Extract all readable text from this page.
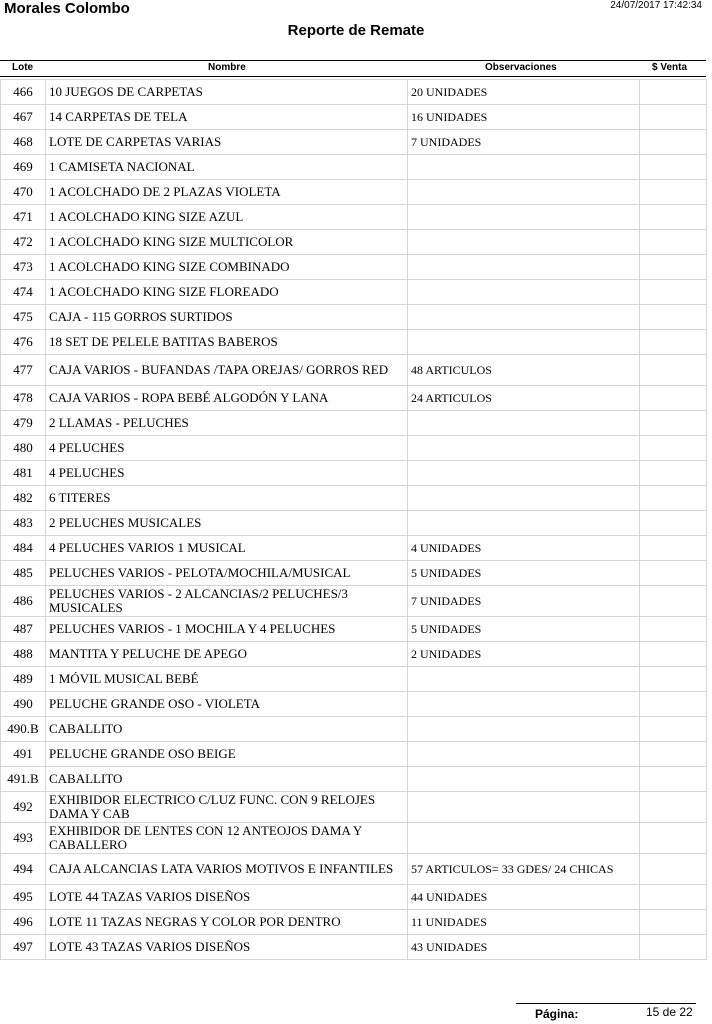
Morales Colombo	24/07/2017 17:42:34
Reporte de Remate
Lote	Nombre	Observaciones	$ Venta
466	10 JUEGOS DE CARPETAS	20 UNIDADES	

467	14 CARPETAS DE TELA	16 UNIDADES	

468	LOTE DE CARPETAS VARIAS	7 UNIDADES	

469	1 CAMISETA NACIONAL	

470	1 ACOLCHADO DE 2 PLAZAS VIOLETA	

471	1 ACOLCHADO KING SIZE AZUL	

472	1 ACOLCHADO KING SIZE MULTICOLOR	

473	1 ACOLCHADO KING SIZE COMBINADO	

474	1 ACOLCHADO KING SIZE FLOREADO	

475	CAJA - 115 GORROS SURTIDOS	

476	18 SET DE PELELE BATITAS BABEROS	

477	CAJA VARIOS - BUFANDAS /TAPA OREJAS/ GORROS RED	48 ARTICULOS	

478	CAJA VARIOS - ROPA BEBÉ ALGODÓN Y LANA	24 ARTICULOS	

479	2 LLAMAS - PELUCHES	

480	4 PELUCHES	

481	4 PELUCHES	

482	6 TITERES	

483	2 PELUCHES MUSICALES	

484	4 PELUCHES VARIOS 1 MUSICAL	4 UNIDADES	

485	PELUCHES VARIOS - PELOTA/MOCHILA/MUSICAL	5 UNIDADES	

486	PELUCHES VARIOS - 2 ALCANCIAS/2 PELUCHES/3 MUSICALES	7 UNIDADES	

487	PELUCHES VARIOS - 1 MOCHILA Y 4 PELUCHES	5 UNIDADES	

488	MANTITA Y PELUCHE DE APEGO	2 UNIDADES	

489	1 MÓVIL MUSICAL BEBÉ	

490	PELUCHE GRANDE OSO - VIOLETA	

490.B	CABALLITO	

491	PELUCHE GRANDE OSO BEIGE	

491.B	CABALLITO	

492	EXHIBIDOR ELECTRICO C/LUZ FUNC. CON 9 RELOJES DAMA Y CAB	

493	EXHIBIDOR DE LENTES CON 12 ANTEOJOS DAMA Y CABALLERO	

494	CAJA ALCANCIAS LATA VARIOS MOTIVOS E INFANTILES	57 ARTICULOS= 33 GDES/ 24 CHICAS	

495	LOTE 44 TAZAS VARIOS DISEÑOS	44 UNIDADES	

496	LOTE 11 TAZAS NEGRAS Y COLOR POR DENTRO	11 UNIDADES	

497	LOTE 43 TAZAS VARIOS DISEÑOS	43 UNIDADES	

Página:	15 de 22
